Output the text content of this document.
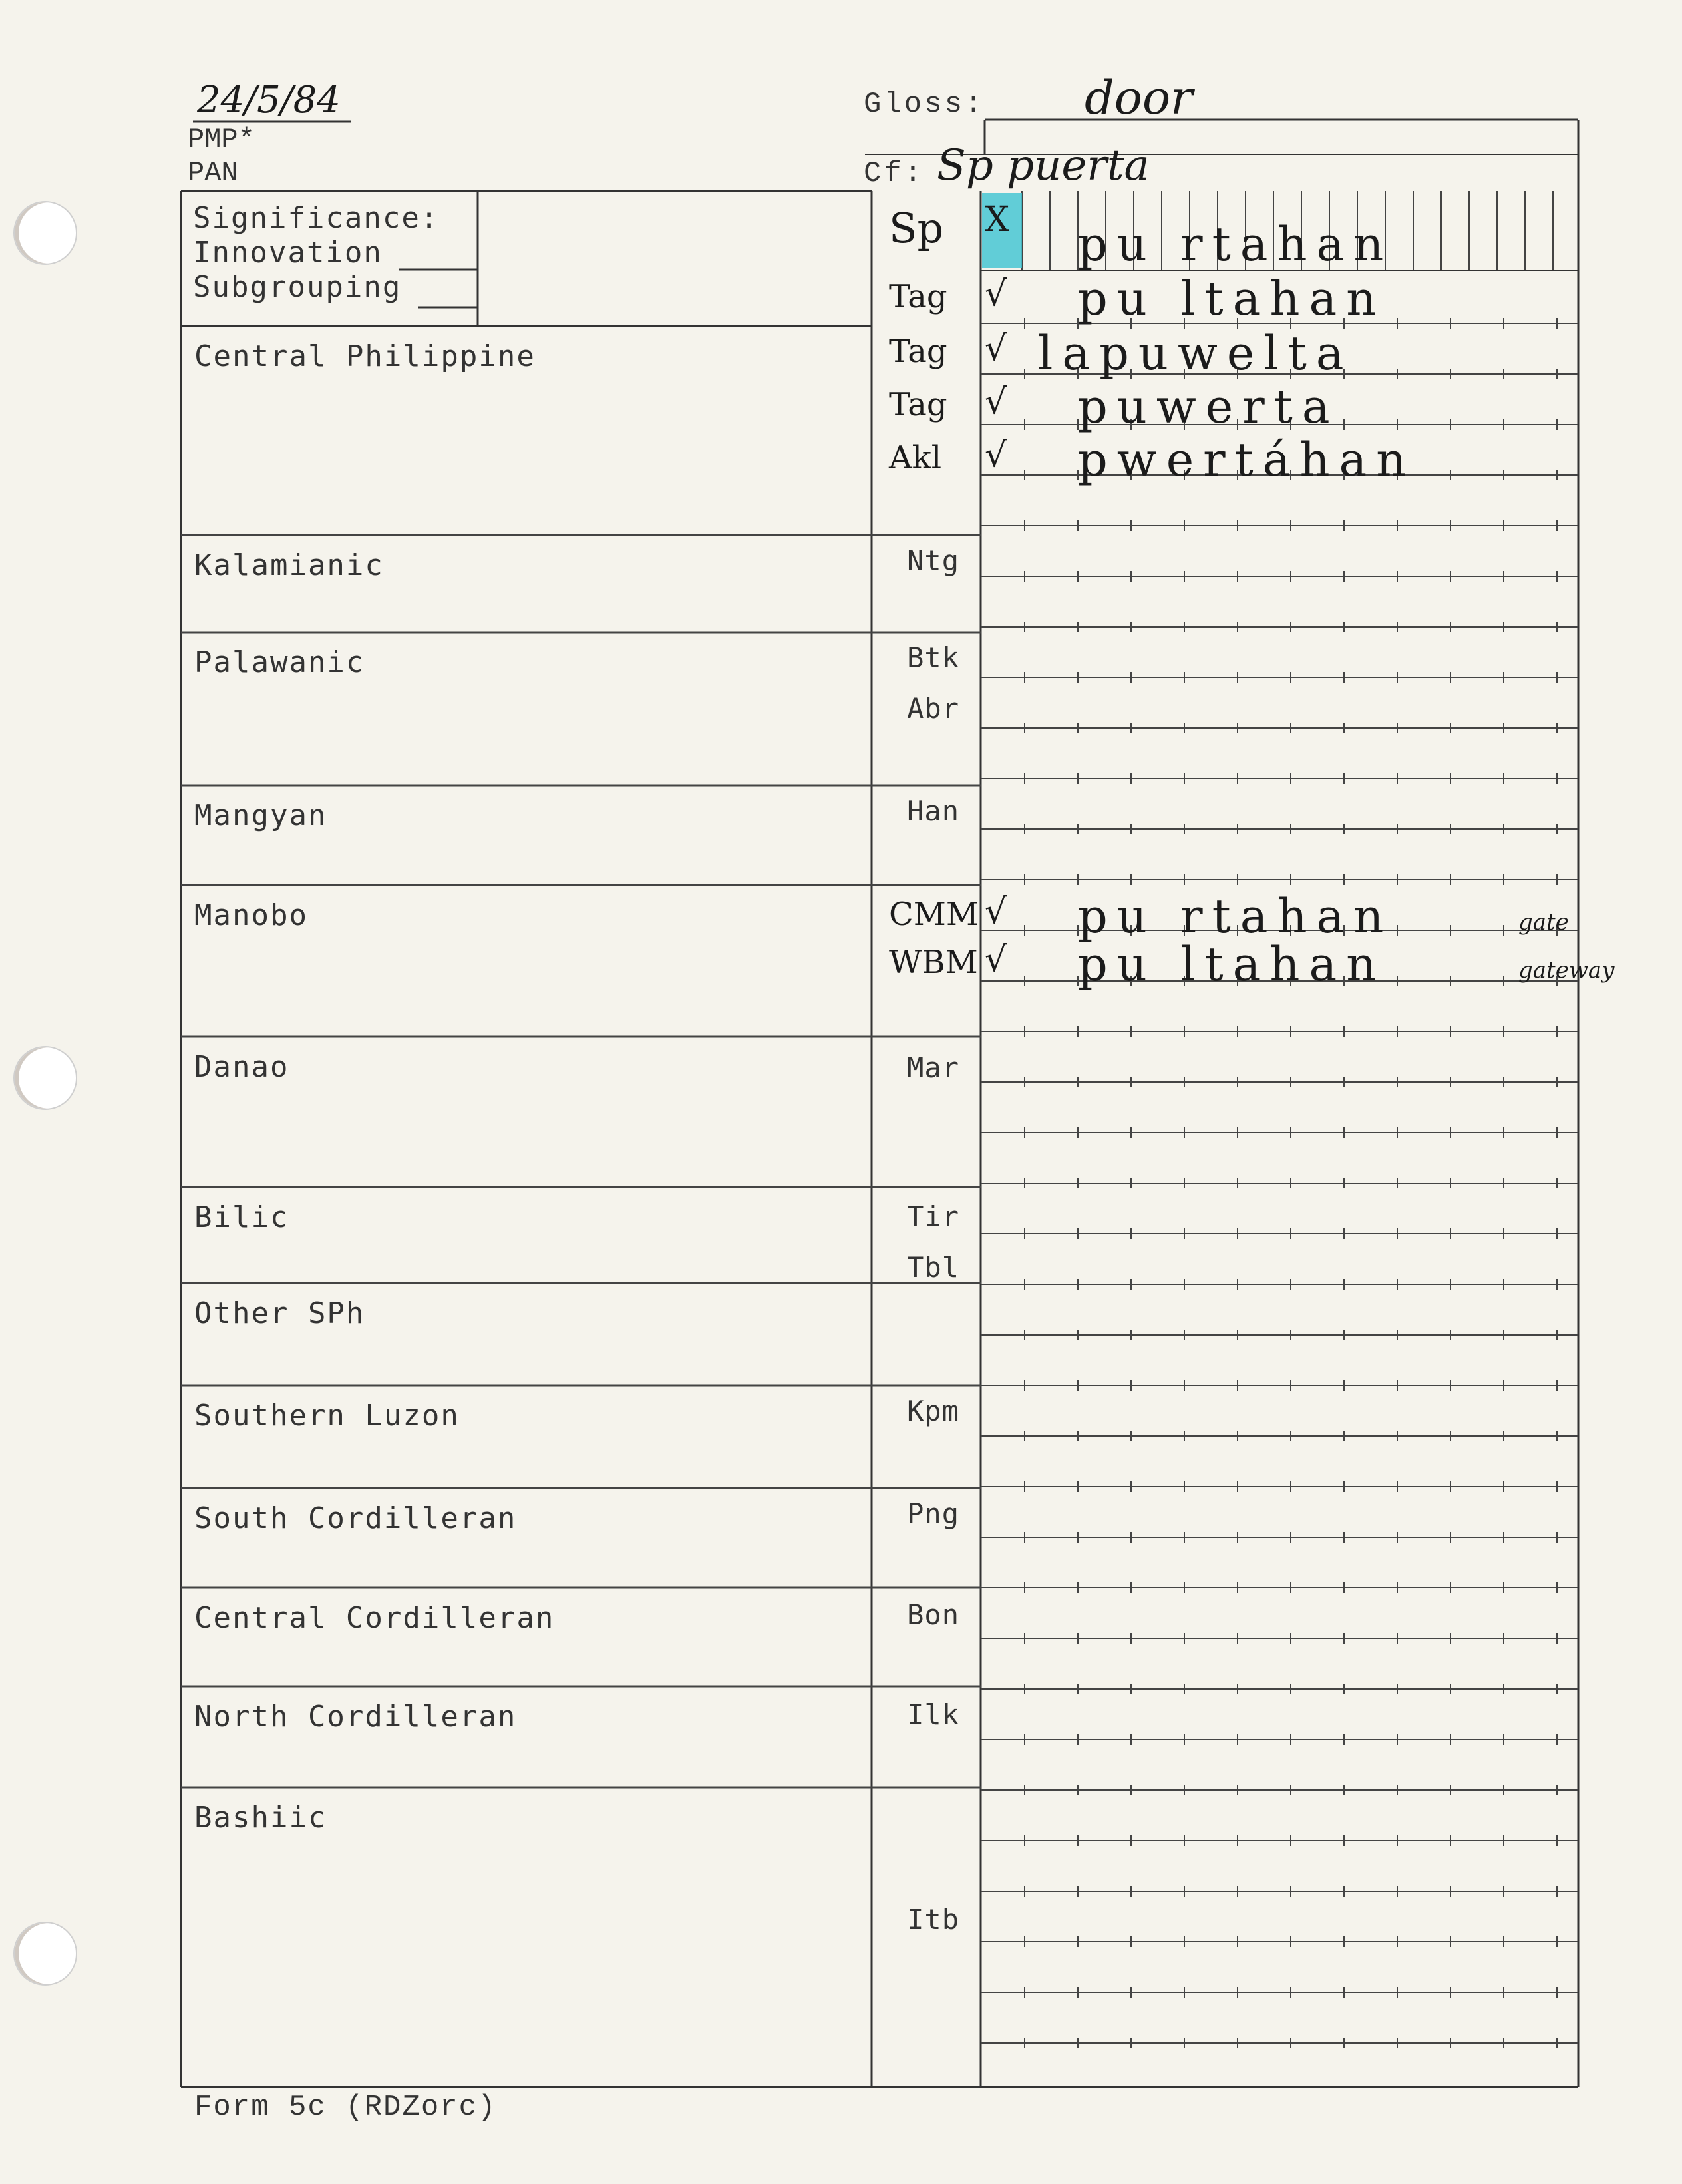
24/5/84
PMP*
PAN
Gloss: door
Cf: Sp puerta
Significance:
Innovation
Subgrouping
Central Philippine
Kalamianic
Palawanic
Mangyan
Manobo
Danao
Bilic
Other SPh
Southern Luzon
South Cordilleran
Central Cordilleran
North Cordilleran
Bashiic
Ntg
Btk
Abr
Han
Mar
Tir
Tbl
Kpm
Png
Bon
Ilk
Itb
Sp X pu rtahan
Tag √ pu ltahan
Tag √ lapuwelta
Tag √ puwerta
Akl √ pwertáhan
CMM √ pu rtahan	gate
WBM √ pu ltahan	gateway
Form 5c (RDZorc)
